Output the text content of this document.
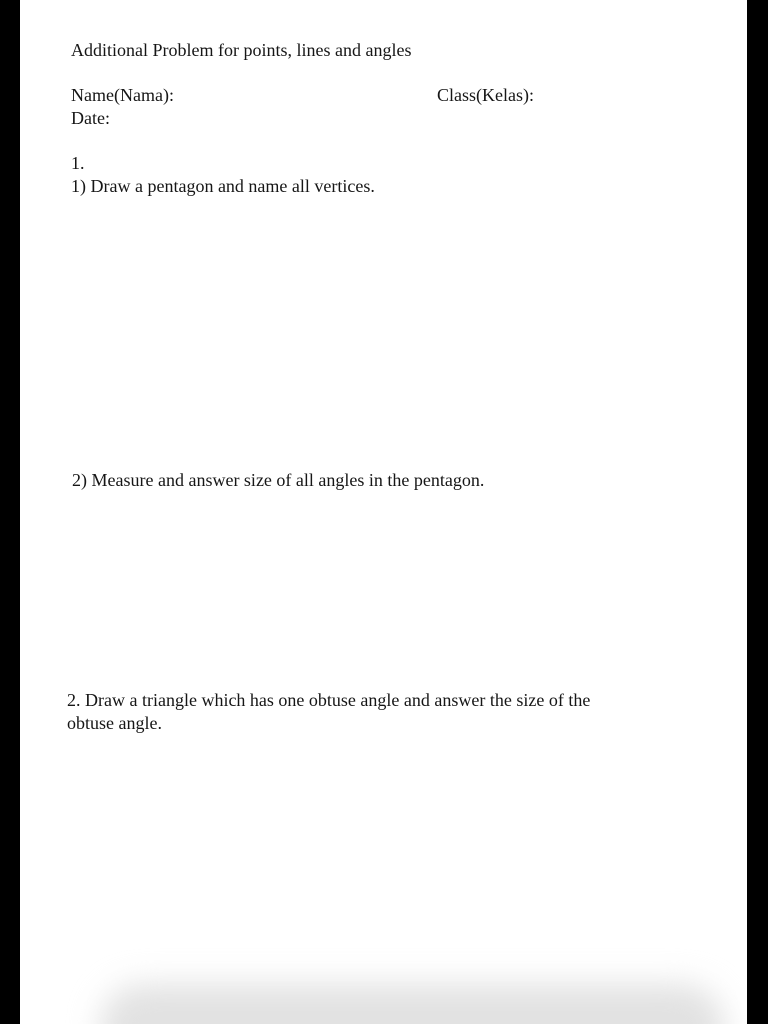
Additional Problem for points, lines and angles

Name(Nama):

	Class(Kelas):

Date:
1.
1) Draw a pentagon and name all vertices.
2) Measure and answer size of all angles in the pentagon.
2. Draw a triangle which has one obtuse angle and answer the size of the
obtuse angle.
